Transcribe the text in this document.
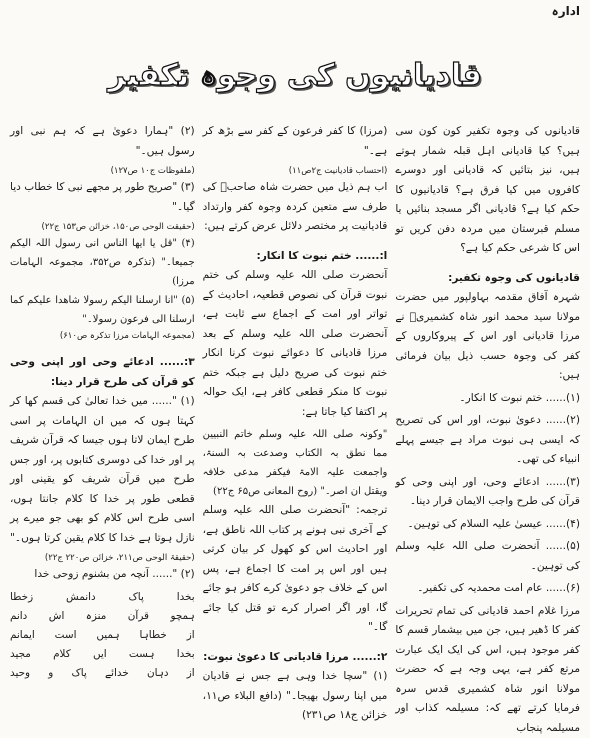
ادارہ
قادیانیوں کی وجوہ تکفیر

قادیانوں کی وجوہ تکفیر کون کون سی ہیں؟ کیا قادیانی اہل قبلہ شمار ہوتے ہیں، نیز بتائیں کہ قادیانی اور دوسرے کافروں میں کیا فرق ہے؟ قادیانیوں کا حکم کیا ہے؟ قادیانی اگر مسجد بنائیں یا مسلم قبرستان میں مردہ دفن کریں تو اس کا شرعی حکم کیا ہے؟

قادیانوں کی وجوہ تکفیر:

شہرہ آفاق مقدمہ بہاولپور میں حضرت مولانا سید محمد انور شاہ کشمیریؒ نے مرزا قادیانی اور اس کے پیروکاروں کے کفر کی وجوہ حسب ذیل بیان فرمائی ہیں:

(۱)...... ختم نبوت کا انکار۔

(۲)...... دعویٰ نبوت، اور اس کی تصریح کہ ایسی ہی نبوت مراد ہے جیسے پہلے انبیاء کی تھی۔

(۳)...... ادعائے وحی، اور اپنی وحی کو قرآن کی طرح واجب الایمان قرار دینا۔

(۴)...... عیسیٰ علیہ السلام کی توہین۔

(۵)...... آنحضرت صلی اللہ علیہ وسلم کی توہین۔

(۶)...... عام امت محمدیہ کی تکفیر۔

مرزا غلام احمد قادیانی کی تمام تحریرات کفر کا ڈھیر ہیں، جن میں بیشمار قسم کا کفر موجود ہیں، اس کی ایک ایک عبارت مرتع کفر ہے، یہی وجہ ہے کہ حضرت مولانا انور شاہ کشمیری قدس سرہ فرمایا کرتے تھے کہ: مسیلمہ کذاب اور مسیلمہ پنجاب

(مرزا) کا کفر فرعون کے کفر سے بڑھ کر ہے۔"

(احتساب قادیانیت ج۲ص۱۱)

اب ہم ذیل میں حضرت شاہ صاحبؒ کی طرف سے متعین کردہ وجوہ کفر وارتداد قادیانیت پر مختصر دلائل عرض کرتے ہیں:

ا:...... ختم نبوت کا انکار:

آنحضرت صلی اللہ علیہ وسلم کی ختم نبوت قرآن کی نصوص قطعیہ، احادیث کے تواتر اور امت کے اجماع سے ثابت ہے، آنحضرت صلی اللہ علیہ وسلم کے بعد مرزا قادیانی کا دعوائے نبوت کرنا انکار ختم نبوت کی صریح دلیل ہے جبکہ ختم نبوت کا منکر قطعی کافر ہے، ایک حوالہ پر اکتفا کیا جاتا ہے:

"وکونہ صلی اللہ علیہ وسلم خاتم النبیین مما نطق بہ الکتاب وصدعت بہ السنۃ، واجمعت علیہ الامۃ فیکفر مدعی خلافہ ویقتل ان اصر۔" (روح المعانی ص۶۵ ج۲۲)

ترجمہ: "آنحضرت صلی اللہ علیہ وسلم کے آخری نبی ہونے پر کتاب اللہ ناطق ہے، اور احادیث اس کو کھول کر بیان کرتی ہیں اور اس پر امت کا اجماع ہے، پس اس کے خلاف جو دعویٰ کرے کافر ہو جائے گا، اور اگر اصرار کرے تو قتل کیا جائے گا۔"

۲:...... مرزا قادیانی کا دعویٰ نبوت:

(۱) "سچا خدا وہی ہے جس نے قادیان میں اپنا رسول بھیجا۔" (دافع البلاء ص۱۱، خزائن ج۱۸ ص۲۳۱)

(۲) "ہمارا دعویٰ ہے کہ ہم نبی اور رسول ہیں۔"

(ملفوظات ج۱۰ ص۱۲۷)

(۳) "صریح طور پر مجھے نبی کا خطاب دیا گیا۔"

(حقیقت الوحی ص۱۵۰، خزائن ص۱۵۳ ج۲۲)
(۴) "قل یا ایھا الناس انی رسول اللہ الیکم جمیعا۔" (تذکرہ ص۳۵۲، مجموعہ الہامات مرزا)
(۵) "انا ارسلنا الیکم رسولا شاھدا علیکم کما ارسلنا الی فرعون رسولا۔"
(مجموعہ الہامات مرزا تذکرہ ص۶۱۰)
۳:...... ادعائے وحی اور اپنی وحی کو قرآن کی طرح قرار دینا:

(۱) "...... میں خدا تعالیٰ کی قسم کھا کر کہتا ہوں کہ میں ان الہامات پر اسی طرح ایمان لاتا ہوں جیسا کہ قرآن شریف پر اور خدا کی دوسری کتابوں پر، اور جس طرح میں قرآن شریف کو یقینی اور قطعی طور پر خدا کا کلام جانتا ہوں، اسی طرح اس کلام کو بھی جو میرے پر نازل ہوتا ہے خدا کا کلام یقین کرتا ہوں۔"

(حقیقۃ الوحی ص۲۱۱، خزائن ص۲۲۰ ج۲۲)

(۲) "...... آنچہ من بشنوم زوحی خدا

بخدا پاک دانمش زخطا
ہمچو قرآن منزہ اش دانم
از خطاہا ہمیں است ایمانم
بخدا ہست ایں کلام مجید
از دہان خدائے پاک و وحید
